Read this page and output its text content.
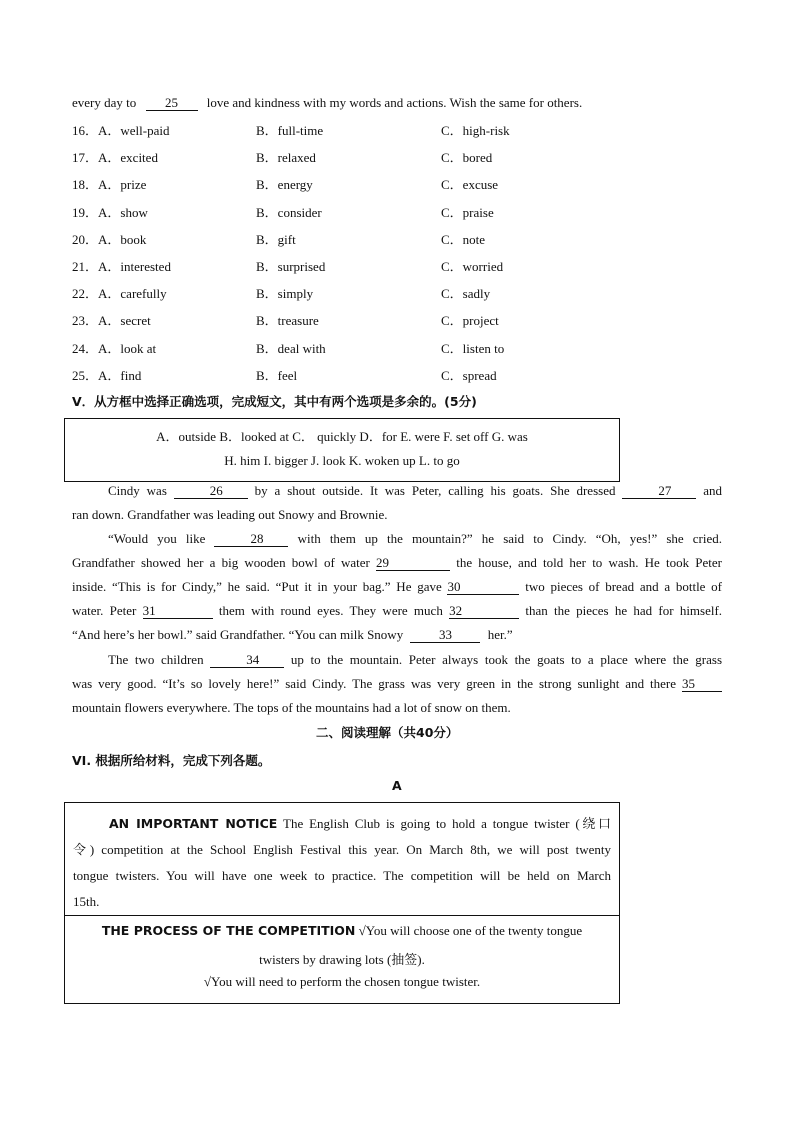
every day to 25 love and kindness with my words and actions. Wish the same for others.
16．A．well-paid	B．full-time	C．high-risk
17．A．excited	B．relaxed	C．bored
18．A．prize	B．energy	C．excuse
19．A．show	B．consider	C．praise
20．A．book	B．gift	C．note
21．A．interested	B．surprised	C．worried
22．A．carefully	B．simply	C．sadly
23．A．secret	B．treasure	C．project
24．A．look at	B．deal with	C．listen to
25．A．find	B．feel	C．spread
V．从方框中选择正确选项，完成短文，其中有两个选项是多余的。(5分)
A．outside B．looked at C． quickly D．for E. were F. set off G. was
H. him I. bigger J. look K. woken up L. to go
Cindy was	26 by a shout outside. It was Peter, calling his goats. She dressed	27 and
ran down. Grandfather was leading out Snowy and Brownie.
“Would you like	28	with them up the mountain?” he said to Cindy. “Oh, yes!” she cried.
Grandfather showed her a big wooden bowl of water 29	the house, and told her to wash. He took Peter
inside. “This is for Cindy,” he said. “Put it in your bag.” He gave 30	two pieces of bread and a bottle of
water. Peter 31	them with round eyes. They were much 32	than the pieces he had for himself.
“And here’s her bowl.” said Grandfather. “You can milk Snowy	33	her.”
The two children	34 up to the mountain. Peter always took the goats to a place where the grass
was very good. “It’s so lovely here!” said Cindy. The grass was very green in the strong sunlight and there 35
mountain flowers everywhere. The tops of the mountains had a lot of snow on them.
二、阅读理解（共40分）
VI. 根据所给材料，完成下列各题。
A
AN IMPORTANT NOTICE The English Club is going to hold a tongue twister (绕口
令) competition at the School English Festival this year. On March 8th, we will post twenty
tongue twisters. You will have one week to practice. The competition will be held on March
15th.
THE PROCESS OF THE COMPETITION √You will choose one of the twenty tongue
twisters by drawing lots (抽签).
√You will need to perform the chosen tongue twister.
